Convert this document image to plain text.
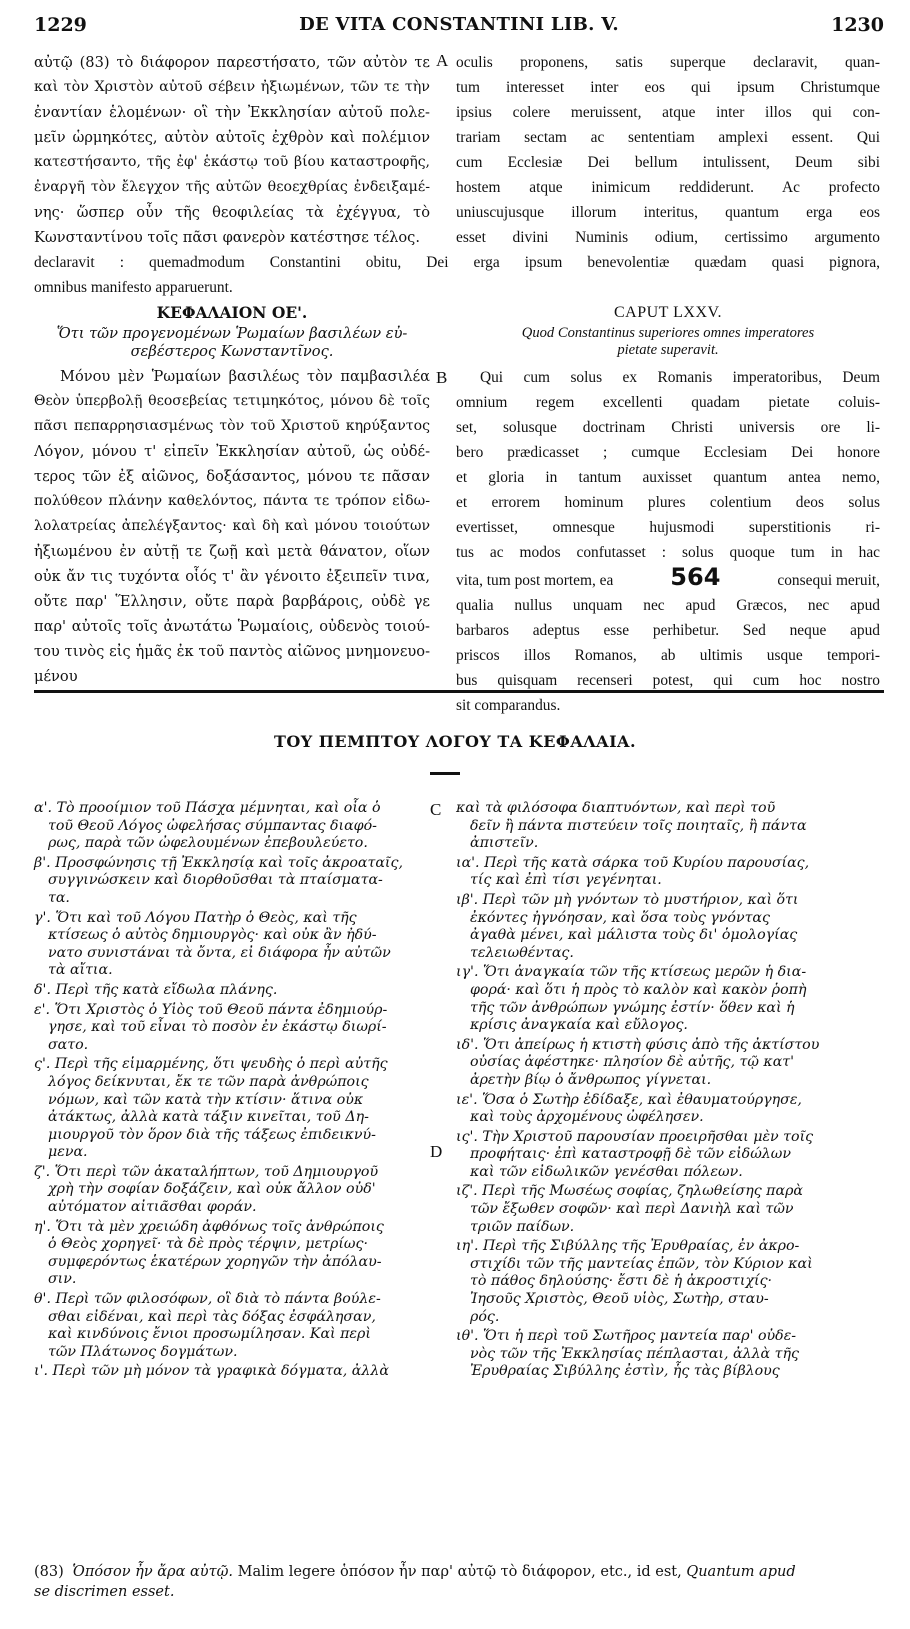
1229	DE VITA CONSTANTINI LIB. V.	1230
αὐτῷ (83) τὸ διάφορον παρεστήσατο, τῶν αὐτὸν τε
καὶ τὸν Χριστὸν αὐτοῦ σέβειν ἠξιωμένων, τῶν τε τὴν
ἐναντίαν ἑλομένων· οἳ τὴν Ἐκκλησίαν αὐτοῦ πολε-
μεῖν ὡρμηκότες, αὐτὸν αὐτοῖς ἐχθρὸν καὶ πολέμιον
κατεστήσαντο, τῆς ἐφ' ἑκάστῳ τοῦ βίου καταστροφῆς,
ἐναργῆ τὸν ἔλεγχον τῆς αὐτῶν θεοεχθρίας ἐνδειξαμέ-
νης· ὥσπερ οὖν τῆς θεοφιλείας τὰ ἐχέγγυα, τὸ
Κωνσταντίνου τοῖς πᾶσι φανερὸν κατέστησε τέλος.
A oculis proponens, satis superque declaravit, quan-
tum interesset inter eos qui ipsum Christumque
ipsius colere meruissent, atque inter illos qui con-
trariam sectam ac sententiam amplexi essent. Qui
cum Ecclesiæ Dei bellum intulissent, Deum sibi
hostem atque inimicum reddiderunt. Ac profecto
uniuscujusque illorum interitus, quantum erga eos
esset divini Numinis odium, certissimo argumento
declaravit : quemadmodum Constantini obitu, Dei erga ipsum benevolentiæ quædam quasi pignora,
omnibus manifesto apparuerunt.
ΚΕΦΑΛΑΙΟΝ ΟΕ'.
Ὅτι τῶν προγενομένων Ῥωμαίων βασιλέων εὐ-
σεβέστερος Κωνσταντῖνος.
Μόνου μὲν Ῥωμαίων βασιλέως τὸν παμβασιλέα
Θεὸν ὑπερβολῇ θεοσεβείας τετιμηκότος, μόνου δὲ τοῖς
πᾶσι πεπαρρησιασμένως τὸν τοῦ Χριστοῦ κηρύξαντος
Λόγον, μόνου τ' εἰπεῖν Ἐκκλησίαν αὐτοῦ, ὡς οὐδέ-
τερος τῶν ἐξ αἰῶνος, δοξάσαντος, μόνου τε πᾶσαν
πολύθεον πλάνην καθελόντος, πάντα τε τρόπον εἰδω-
λολατρείας ἀπελέγξαντος· καὶ δὴ καὶ μόνου τοιούτων
ἠξιωμένου ἐν αὐτῇ τε ζωῇ καὶ μετὰ θάνατον, οἵων
οὐκ ἄν τις τυχόντα οἷός τ' ἂν γένοιτο ἐξειπεῖν τινα,
οὔτε παρ' Ἕλλησιν, οὔτε παρὰ βαρβάροις, οὐδὲ γε
παρ' αὐτοῖς τοῖς ἀνωτάτω Ῥωμαίοις, οὐδενὸς τοιού-
του τινὸς εἰς ἡμᾶς ἐκ τοῦ παντὸς αἰῶνος μνημονευο-
μένου
B
CAPUT LXXV.
Quod Constantinus superiores omnes imperatores
pietate superavit.
Qui cum solus ex Romanis imperatoribus, Deum
omnium regem excellenti quadam pietate coluis-
set, solusque doctrinam Christi universis ore li-
bero prædicasset ; cumque Ecclesiam Dei honore
et gloria in tantum auxisset quantum antea nemo,
et errorem hominum plures colentium deos solus
evertisset, omnesque hujusmodi superstitionis ri-
tus ac modos confutasset : solus quoque tum in hac
vita, tum post mortem, ea 564	consequi meruit,
qualia nullus unquam nec apud Græcos, nec apud
barbaros adeptus esse perhibetur. Sed neque apud
priscos illos Romanos, ab ultimis usque tempori-
bus quisquam recenseri potest, qui cum hoc nostro
sit comparandus.
ΤΟΥ ΠΕΜΠΤΟΥ ΛΟΓΟΥ ΤΑ ΚΕΦΑΛΑΙΑ.
C
D
α'. Τὸ προοίμιον τοῦ Πάσχα μέμνηται, καὶ οἷα ὁ
τοῦ Θεοῦ Λόγος ὠφελήσας σύμπαντας διαφό-
ρως, παρὰ τῶν ὠφελουμένων ἐπεβουλεύετο.
β'. Προσφώνησις τῇ Ἐκκλησίᾳ καὶ τοῖς ἀκροαταῖς,
συγγινώσκειν καὶ διορθοῦσθαι τὰ πταίσματα-
τα.
γ'. Ὅτι καὶ τοῦ Λόγου Πατὴρ ὁ Θεὸς, καὶ τῆς
κτίσεως ὁ αὐτὸς δημιουργὸς· καὶ οὐκ ἂν ἠδύ-
νατο συνιστάναι τὰ ὄντα, εἰ διάφορα ἦν αὐτῶν
τὰ αἴτια.
δ'. Περὶ τῆς κατὰ εἴδωλα πλάνης.
ε'. Ὅτι Χριστὸς ὁ Υἱὸς τοῦ Θεοῦ πάντα ἐδημιούρ-
γησε, καὶ τοῦ εἶναι τὸ ποσὸν ἐν ἑκάστῳ διωρί-
σατο.
ς'. Περὶ τῆς εἱμαρμένης, ὅτι ψευδὴς ὁ περὶ αὐτῆς
λόγος δείκνυται, ἔκ τε τῶν παρὰ ἀνθρώποις
νόμων, καὶ τῶν κατὰ τὴν κτίσιν· ἅτινα οὐκ
ἀτάκτως, ἀλλὰ κατὰ τάξιν κινεῖται, τοῦ Δη-
μιουργοῦ τὸν ὅρον διὰ τῆς τάξεως ἐπιδεικνύ-
μενα.
ζ'. Ὅτι περὶ τῶν ἀκαταλήπτων, τοῦ Δημιουργοῦ
χρὴ τὴν σοφίαν δοξάζειν, καὶ οὐκ ἄλλον οὐδ'
αὐτόματον αἰτιᾶσθαι φοράν.
η'. Ὅτι τὰ μὲν χρειώδη ἀφθόνως τοῖς ἀνθρώποις
ὁ Θεὸς χορηγεῖ· τὰ δὲ πρὸς τέρψιν, μετρίως·
συμφερόντως ἑκατέρων χορηγῶν τὴν ἀπόλαυ-
σιν.
θ'. Περὶ τῶν φιλοσόφων, οἳ διὰ τὸ πάντα βούλε-
σθαι εἰδέναι, καὶ περὶ τὰς δόξας ἐσφάλησαν,
καὶ κινδύνοις ἔνιοι προσωμίλησαν. Καὶ περὶ
τῶν Πλάτωνος δογμάτων.
ι'. Περὶ τῶν μὴ μόνον τὰ γραφικὰ δόγματα, ἀλλὰ
καὶ τὰ φιλόσοφα διαπτυόντων, καὶ περὶ τοῦ
δεῖν ἢ πάντα πιστεύειν τοῖς ποιηταῖς, ἢ πάντα
ἀπιστεῖν.
ια'. Περὶ τῆς κατὰ σάρκα τοῦ Κυρίου παρουσίας,
τίς καὶ ἐπὶ τίσι γεγένηται.
ιβ'. Περὶ τῶν μὴ γνόντων τὸ μυστήριον, καὶ ὅτι
ἐκόντες ἠγνόησαν, καὶ ὅσα τοὺς γνόντας
ἀγαθὰ μένει, καὶ μάλιστα τοὺς δι' ὁμολογίας
τελειωθέντας.
ιγ'. Ὅτι ἀναγκαία τῶν τῆς κτίσεως μερῶν ἡ δια-
φορά· καὶ ὅτι ἡ πρὸς τὸ καλὸν καὶ κακὸν ῥοπὴ
τῆς τῶν ἀνθρώπων γνώμης ἐστίν· ὅθεν καὶ ἡ
κρίσις ἀναγκαία καὶ εὔλογος.
ιδ'. Ὅτι ἀπείρως ἡ κτιστὴ φύσις ἀπὸ τῆς ἀκτίστου
οὐσίας ἀφέστηκε· πλησίον δὲ αὐτῆς, τῷ κατ'
ἀρετὴν βίῳ ὁ ἄνθρωπος γίγνεται.
ιε'. Ὅσα ὁ Σωτὴρ ἐδίδαξε, καὶ ἐθαυματούργησε,
καὶ τοὺς ἀρχομένους ὠφέλησεν.
ις'. Τὴν Χριστοῦ παρουσίαν προειρῆσθαι μὲν τοῖς
προφήταις· ἐπὶ καταστροφῇ δὲ τῶν εἰδώλων
καὶ τῶν εἰδωλικῶν γενέσθαι πόλεων.
ιζ'. Περὶ τῆς Μωσέως σοφίας, ζηλωθείσης παρὰ
τῶν ἔξωθεν σοφῶν· καὶ περὶ Δανιὴλ καὶ τῶν
τριῶν παίδων.
ιη'. Περὶ τῆς Σιβύλλης τῆς Ἐρυθραίας, ἐν ἀκρο-
στιχίδι τῶν τῆς μαντείας ἐπῶν, τὸν Κύριον καὶ
τὸ πάθος δηλούσης· ἔστι δὲ ἡ ἀκροστιχίς·
Ἰησοῦς Χριστὸς, Θεοῦ υἱὸς, Σωτὴρ, σταυ-
ρός.
ιθ'. Ὅτι ἡ περὶ τοῦ Σωτῆρος μαντεία παρ' οὐδε-
νὸς τῶν τῆς Ἐκκλησίας πέπλασται, ἀλλὰ τῆς
Ἐρυθραίας Σιβύλλης ἐστὶν, ἧς τὰς βίβλους
(83) Ὁπόσον ἦν ἄρα αὐτῷ. Malim legere ὁπόσον ἦν παρ' αὐτῷ τὸ διάφορον, etc., id est, Quantum apud
se discrimen esset.
